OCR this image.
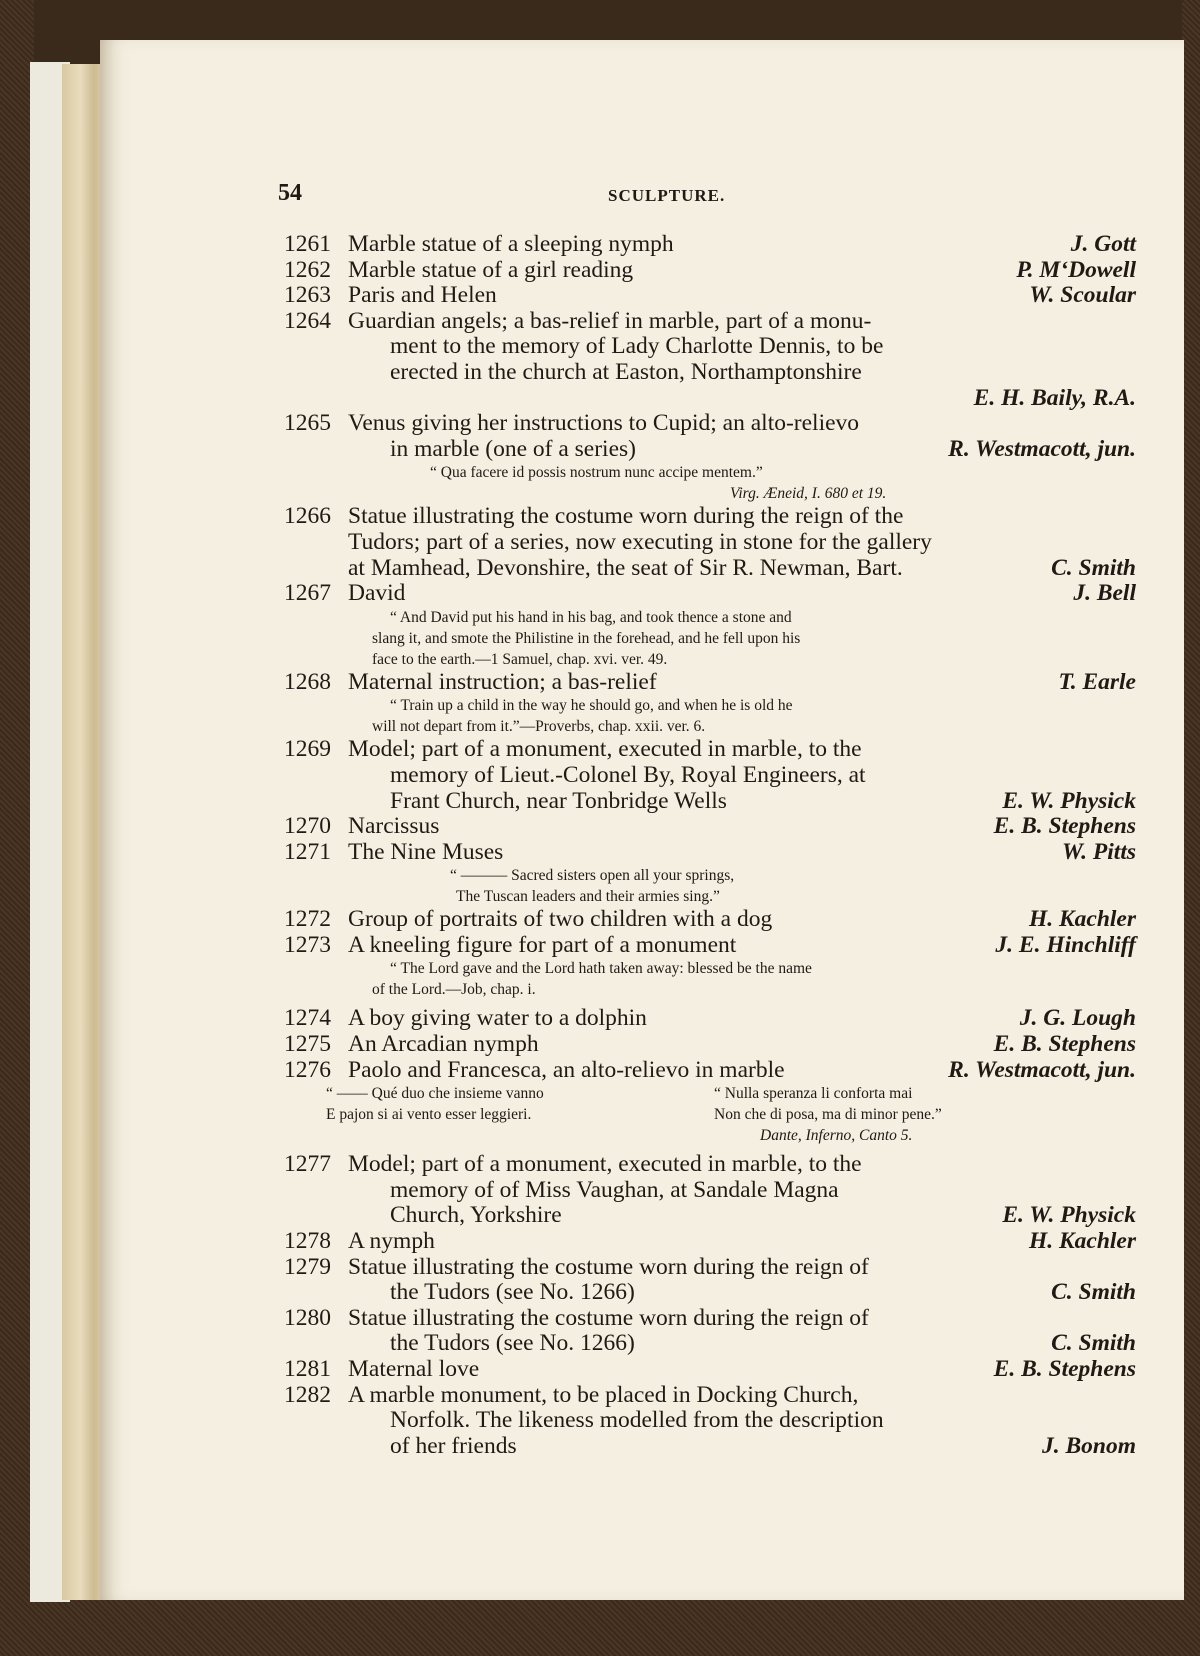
54	SCULPTURE.
1261 Marble statue of a sleeping nymph	J. Gott
1262 Marble statue of a girl reading	P. M‘Dowell
1263 Paris and Helen	W. Scoular
1264 Guardian angels; a bas-relief in marble, part of a monu-
ment to the memory of Lady Charlotte Dennis, to be
erected in the church at Easton, Northamptonshire
E. H. Baily, R.A.
1265 Venus giving her instructions to Cupid; an alto-relievo
in marble (one of a series)	R. Westmacott, jun.
“ Qua facere id possis nostrum nunc accipe mentem.”
Virg. Æneid, I. 680 et 19.
1266 Statue illustrating the costume worn during the reign of the
Tudors; part of a series, now executing in stone for the gallery
at Mamhead, Devonshire, the seat of Sir R. Newman, Bart.	C. Smith
1267 David	J. Bell
“ And David put his hand in his bag, and took thence a stone and
slang it, and smote the Philistine in the forehead, and he fell upon his
face to the earth.—1 Samuel, chap. xvi. ver. 49.
1268 Maternal instruction; a bas-relief	T. Earle
“ Train up a child in the way he should go, and when he is old he
will not depart from it.”—Proverbs, chap. xxii. ver. 6.
1269 Model; part of a monument, executed in marble, to the
memory of Lieut.-Colonel By, Royal Engineers, at
Frant Church, near Tonbridge Wells	E. W. Physick
1270 Narcissus	E. B. Stephens
1271 The Nine Muses	W. Pitts
“ ——— Sacred sisters open all your springs,
The Tuscan leaders and their armies sing.”
1272 Group of portraits of two children with a dog	H. Kachler
1273 A kneeling figure for part of a monument	J. E. Hinchliff
“ The Lord gave and the Lord hath taken away: blessed be the name
of the Lord.—Job, chap. i.
1274 A boy giving water to a dolphin	J. G. Lough
1275 An Arcadian nymph	E. B. Stephens
1276 Paolo and Francesca, an alto-relievo in marble	R. Westmacott, jun.
“ —— Qué duo che insieme vanno	“ Nulla speranza li conforta mai
E pajon si ai vento esser leggieri.	Non che di posa, ma di minor pene.”
Dante, Inferno, Canto 5.
1277 Model; part of a monument, executed in marble, to the
memory of of Miss Vaughan, at Sandale Magna
Church, Yorkshire	E. W. Physick
1278 A nymph	H. Kachler
1279 Statue illustrating the costume worn during the reign of
the Tudors (see No. 1266)	C. Smith
1280 Statue illustrating the costume worn during the reign of
the Tudors (see No. 1266)	C. Smith
1281 Maternal love	E. B. Stephens
1282 A marble monument, to be placed in Docking Church,
Norfolk. The likeness modelled from the description
of her friends	J. Bonom
